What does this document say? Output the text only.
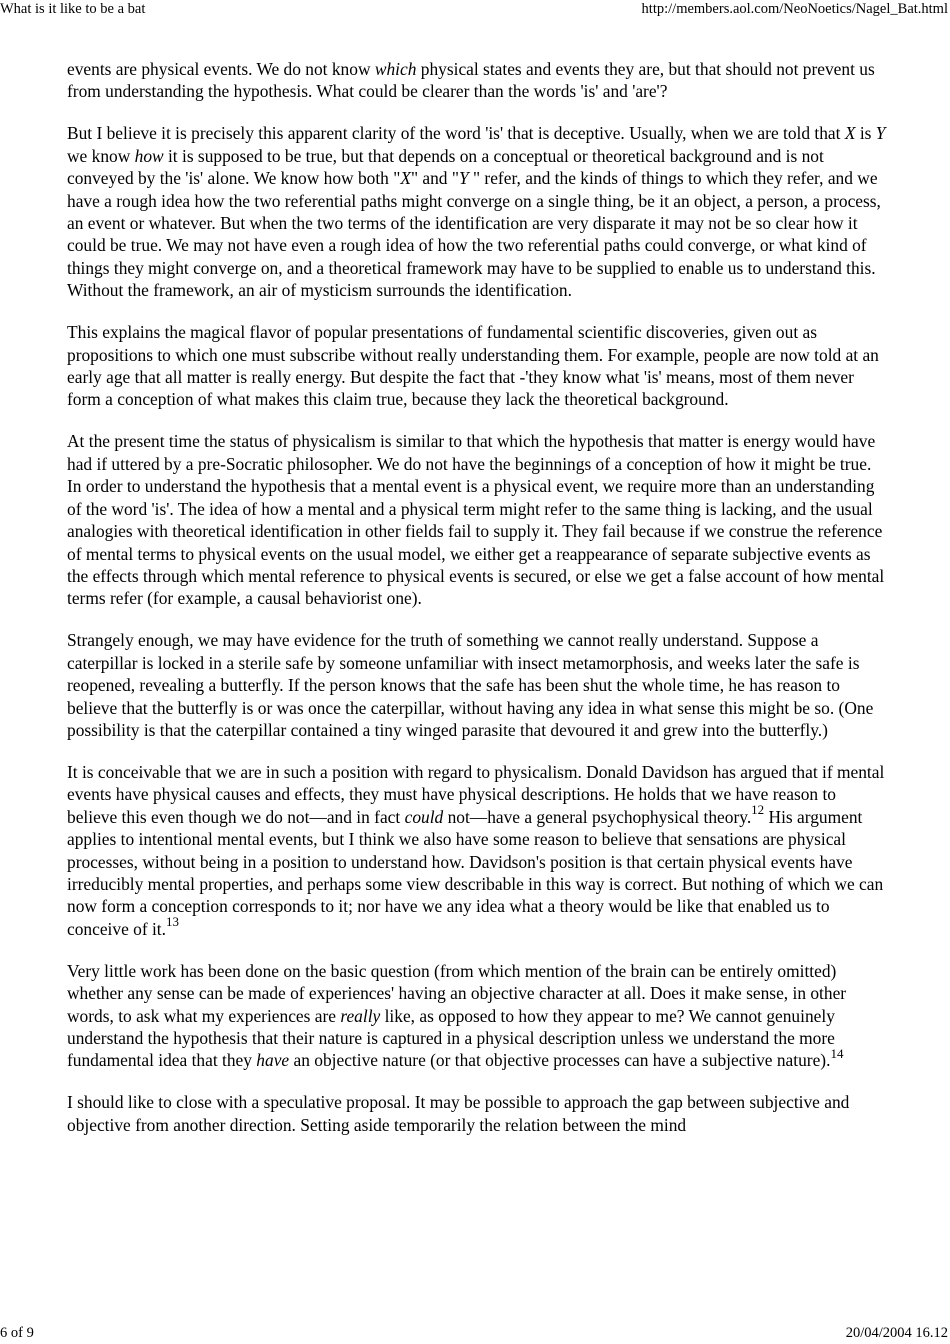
What is it like to be a bat	http://members.aol.com/NeoNoetics/Nagel_Bat.html

events are physical events. We do not know which physical states and events they are, but that should not prevent us from understanding the hypothesis. What could be clearer than the words 'is' and 'are'?

But I believe it is precisely this apparent clarity of the word 'is' that is deceptive. Usually, when we are told that X is Y we know how it is supposed to be true, but that depends on a conceptual or theoretical background and is not conveyed by the 'is' alone. We know how both "X" and "Y " refer, and the kinds of things to which they refer, and we have a rough idea how the two referential paths might converge on a single thing, be it an object, a person, a process, an event or whatever. But when the two terms of the identification are very disparate it may not be so clear how it could be true. We may not have even a rough idea of how the two referential paths could converge, or what kind of things they might converge on, and a theoretical framework may have to be supplied to enable us to understand this. Without the framework, an air of mysticism surrounds the identification.

This explains the magical flavor of popular presentations of fundamental scientific discoveries, given out as propositions to which one must subscribe without really understanding them. For example, people are now told at an early age that all matter is really energy. But despite the fact that -'they know what 'is' means, most of them never form a conception of what makes this claim true, because they lack the theoretical background.

At the present time the status of physicalism is similar to that which the hypothesis that matter is energy would have had if uttered by a pre-Socratic philosopher. We do not have the beginnings of a conception of how it might be true. In order to understand the hypothesis that a mental event is a physical event, we require more than an understanding of the word 'is'. The idea of how a mental and a physical term might refer to the same thing is lacking, and the usual analogies with theoretical identification in other fields fail to supply it. They fail because if we construe the reference of mental terms to physical events on the usual model, we either get a reappearance of separate subjective events as the effects through which mental reference to physical events is secured, or else we get a false account of how mental terms refer (for example, a causal behaviorist one).

Strangely enough, we may have evidence for the truth of something we cannot really understand. Suppose a caterpillar is locked in a sterile safe by someone unfamiliar with insect metamorphosis, and weeks later the safe is reopened, revealing a butterfly. If the person knows that the safe has been shut the whole time, he has reason to believe that the butterfly is or was once the caterpillar, without having any idea in what sense this might be so. (One possibility is that the caterpillar contained a tiny winged parasite that devoured it and grew into the butterfly.)

It is conceivable that we are in such a position with regard to physicalism. Donald Davidson has argued that if mental events have physical causes and effects, they must have physical descriptions. He holds that we have reason to believe this even though we do not—and in fact could not—have a general psychophysical theory.$^{12}$ His argument applies to intentional mental events, but I think we also have some reason to believe that sensations are physical processes, without being in a position to understand how. Davidson's position is that certain physical events have irreducibly mental properties, and perhaps some view describable in this way is correct. But nothing of which we can now form a conception corresponds to it; nor have we any idea what a theory would be like that enabled us to conceive of it.$^{13}$

Very little work has been done on the basic question (from which mention of the brain can be entirely omitted) whether any sense can be made of experiences' having an objective character at all. Does it make sense, in other words, to ask what my experiences are really like, as opposed to how they appear to me? We cannot genuinely understand the hypothesis that their nature is captured in a physical description unless we understand the more fundamental idea that they have an objective nature (or that objective processes can have a subjective nature).$^{14}$

I should like to close with a speculative proposal. It may be possible to approach the gap between subjective and objective from another direction. Setting aside temporarily the relation between the mind

6 of 9	20/04/2004 16.12
